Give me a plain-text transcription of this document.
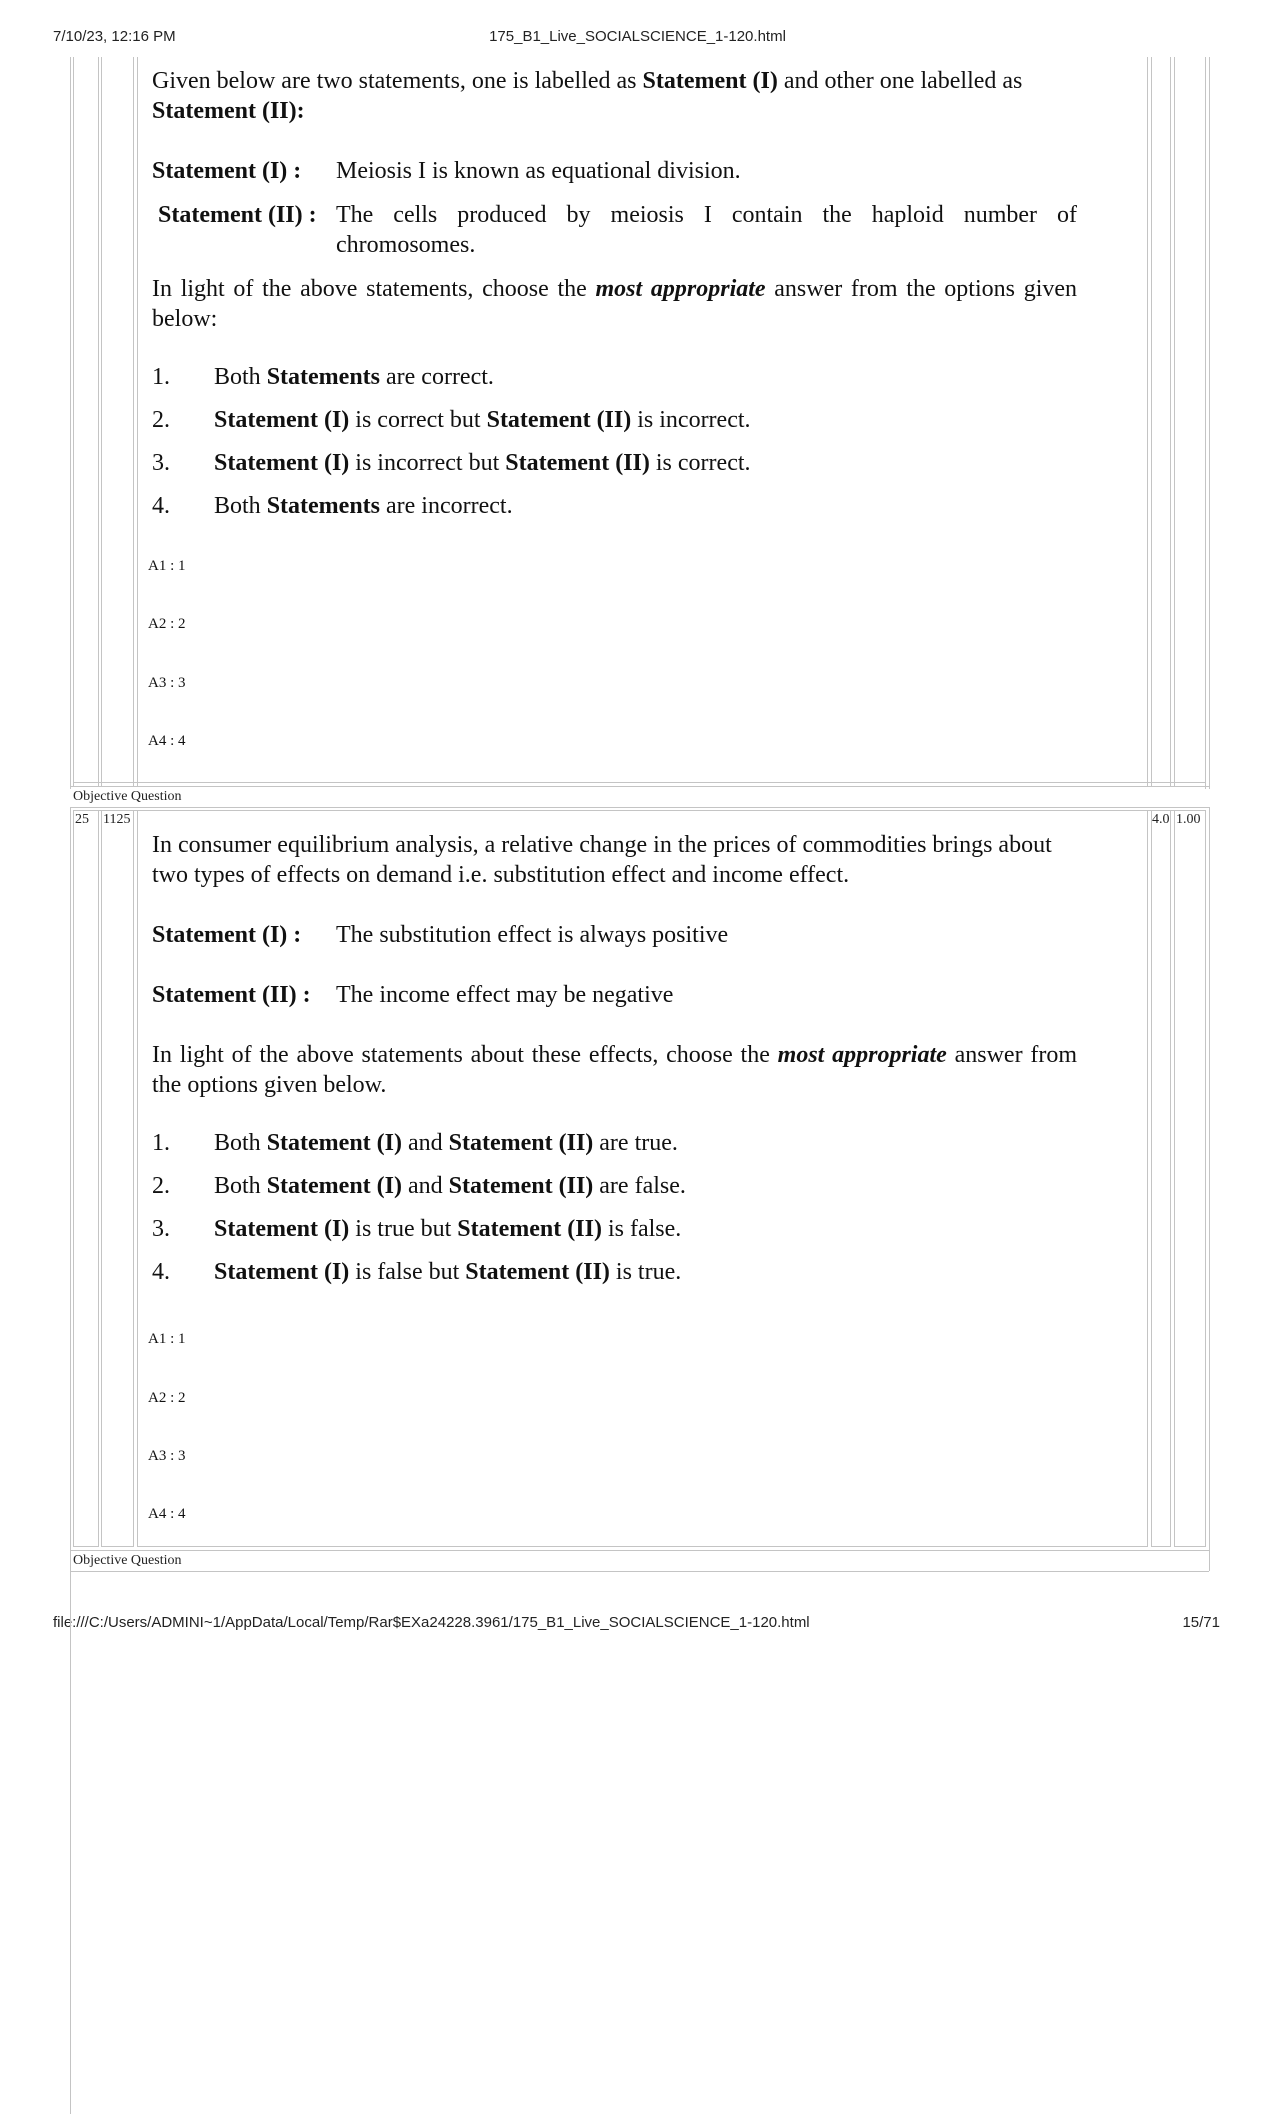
7/10/23, 12:16 PM	175_B1_Live_SOCIALSCIENCE_1-120.html
file:///C:/Users/ADMINI~1/AppData/Local/Temp/Rar$EXa24228.3961/175_B1_Live_SOCIALSCIENCE_1-120.html	15/71
Objective Question
25 1125	4.0 1.00
Objective Question

Given below are two statements, one is labelled as Statement (I) and other one labelled as Statement (II):

Statement (I) :	Meiosis I is known as equational division.
Statement (II) : The cells produced by meiosis I contain the haploid number of chromosomes.

In light of the above statements, choose the most appropriate answer from the options given below:

1.	Both Statements are correct.
2.	Statement (I) is correct but Statement (II) is incorrect.
3.	Statement (I) is incorrect but Statement (II) is correct.
4.	Both Statements are incorrect.
A1 : 1
A2 : 2
A3 : 3
A4 : 4

In consumer equilibrium analysis, a relative change in the prices of commodities brings about two types of effects on demand i.e. substitution effect and income effect.

Statement (I) :	The substitution effect is always positive
Statement (II) :	The income effect may be negative

In light of the above statements about these effects, choose the most appropriate answer from the options given below.

1.	Both Statement (I) and Statement (II) are true.
2.	Both Statement (I) and Statement (II) are false.
3.	Statement (I) is true but Statement (II) is false.
4.	Statement (I) is false but Statement (II) is true.
A1 : 1
A2 : 2
A3 : 3
A4 : 4
